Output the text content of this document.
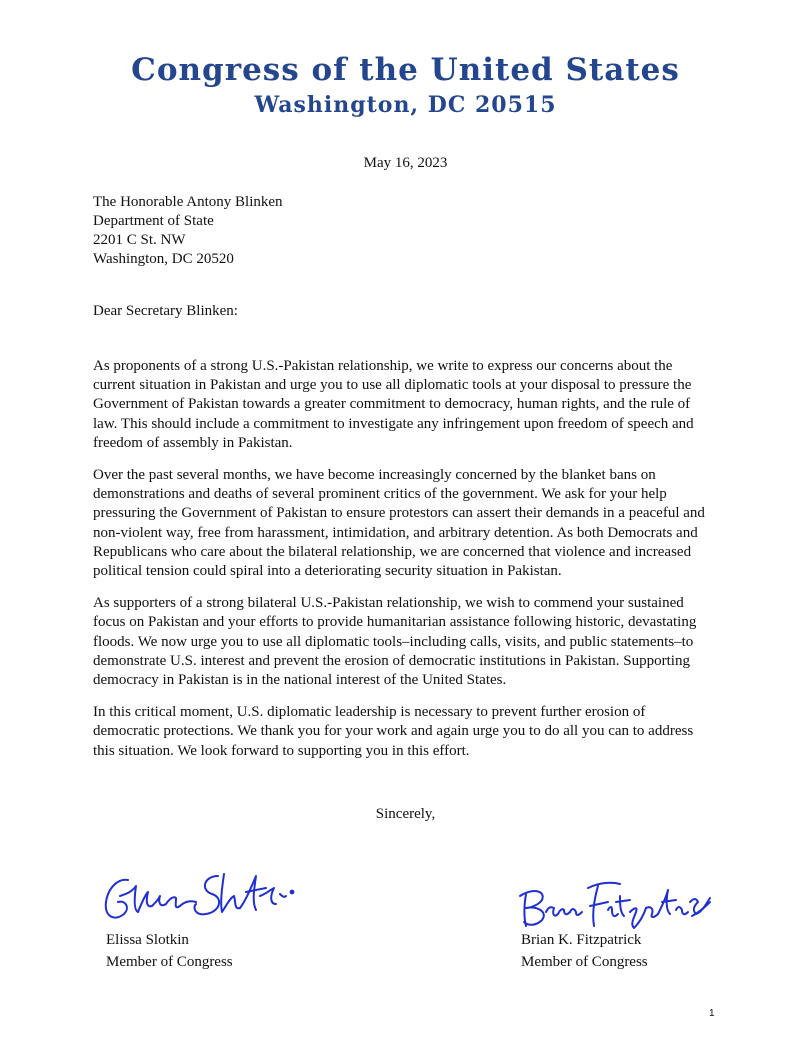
Congress of the United States
Washington, DC 20515
May 16, 2023
The Honorable Antony Blinken
Department of State
2201 C St. NW
Washington, DC 20520
Dear Secretary Blinken:

As proponents of a strong U.S.-Pakistan relationship, we write to express our concerns about the current situation in Pakistan and urge you to use all diplomatic tools at your disposal to pressure the Government of Pakistan towards a greater commitment to democracy, human rights, and the rule of law. This should include a commitment to investigate any infringement upon freedom of speech and freedom of assembly in Pakistan.

Over the past several months, we have become increasingly concerned by the blanket bans on demonstrations and deaths of several prominent critics of the government. We ask for your help pressuring the Government of Pakistan to ensure protestors can assert their demands in a peaceful and non-violent way, free from harassment, intimidation, and arbitrary detention. As both Democrats and Republicans who care about the bilateral relationship, we are concerned that violence and increased political tension could spiral into a deteriorating security situation in Pakistan.

As supporters of a strong bilateral U.S.-Pakistan relationship, we wish to commend your sustained focus on Pakistan and your efforts to provide humanitarian assistance following historic, devastating floods. We now urge you to use all diplomatic tools–including calls, visits, and public statements–to demonstrate U.S. interest and prevent the erosion of democratic institutions in Pakistan. Supporting democracy in Pakistan is in the national interest of the United States.

In this critical moment, U.S. diplomatic leadership is necessary to prevent further erosion of democratic protections. We thank you for your work and again urge you to do all you can to address this situation. We look forward to supporting you in this effort.

Sincerely,
Elissa Slotkin
Member of Congress
Brian K. Fitzpatrick
Member of Congress
1
